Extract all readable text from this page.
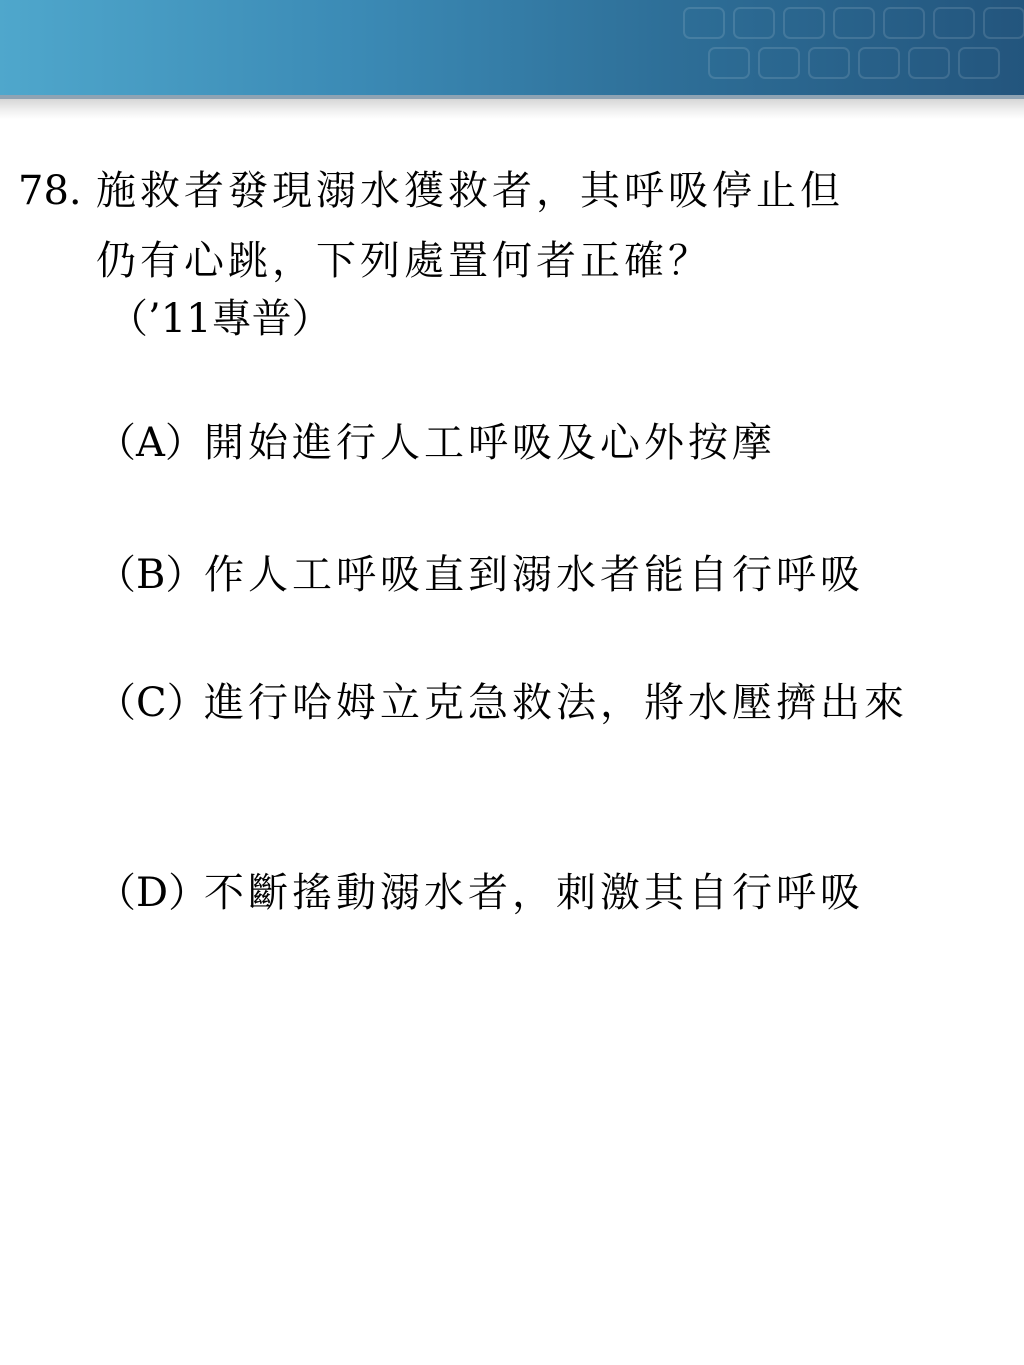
78. 施救者發現溺水獲救者，其呼吸停止但
仍有心跳，下列處置何者正確？
（’11專普）
（A） 開始進行人工呼吸及心外按摩
（B）
作人工呼吸直到溺水者能自行呼吸
（C）
進行哈姆立克急救法，將水壓擠出來
（D）
不斷搖動溺水者，刺激其自行呼吸
